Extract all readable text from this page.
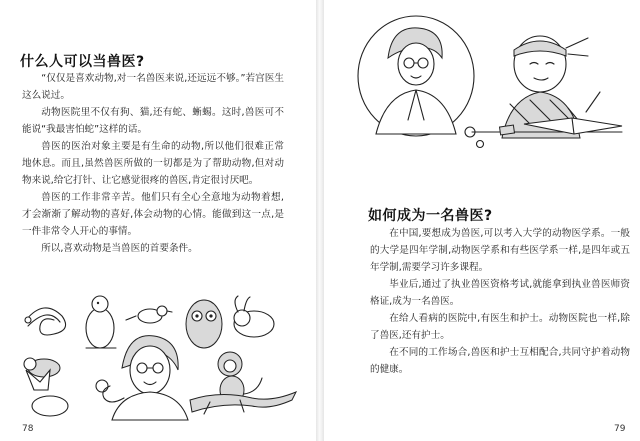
什么人可以当兽医?

“仅仅是喜欢动物,对一名兽医来说,还远远不够。”若宫医生这么说过。

动物医院里不仅有狗、猫,还有蛇、蜥蜴。这时,兽医可不能说“我最害怕蛇”这样的话。

兽医的医治对象主要是有生命的动物,所以他们很难正常地休息。而且,虽然兽医所做的一切都是为了帮助动物,但对动物来说,给它打针、让它感觉很疼的兽医,肯定很讨厌吧。

兽医的工作非常辛苦。他们只有全心全意地为动物着想,才会渐渐了解动物的喜好,体会动物的心情。能做到这一点,是一件非常令人开心的事情。

所以,喜欢动物是当兽医的首要条件。

78
如何成为一名兽医?

在中国,要想成为兽医,可以考入大学的动物医学系。一般的大学是四年学制,动物医学系和有些医学系一样,是四年或五年学制,需要学习许多课程。

毕业后,通过了执业兽医资格考试,就能拿到执业兽医师资格证,成为一名兽医。

在给人看病的医院中,有医生和护士。动物医院也一样,除了兽医,还有护士。

在不同的工作场合,兽医和护士互相配合,共同守护着动物的健康。

79
